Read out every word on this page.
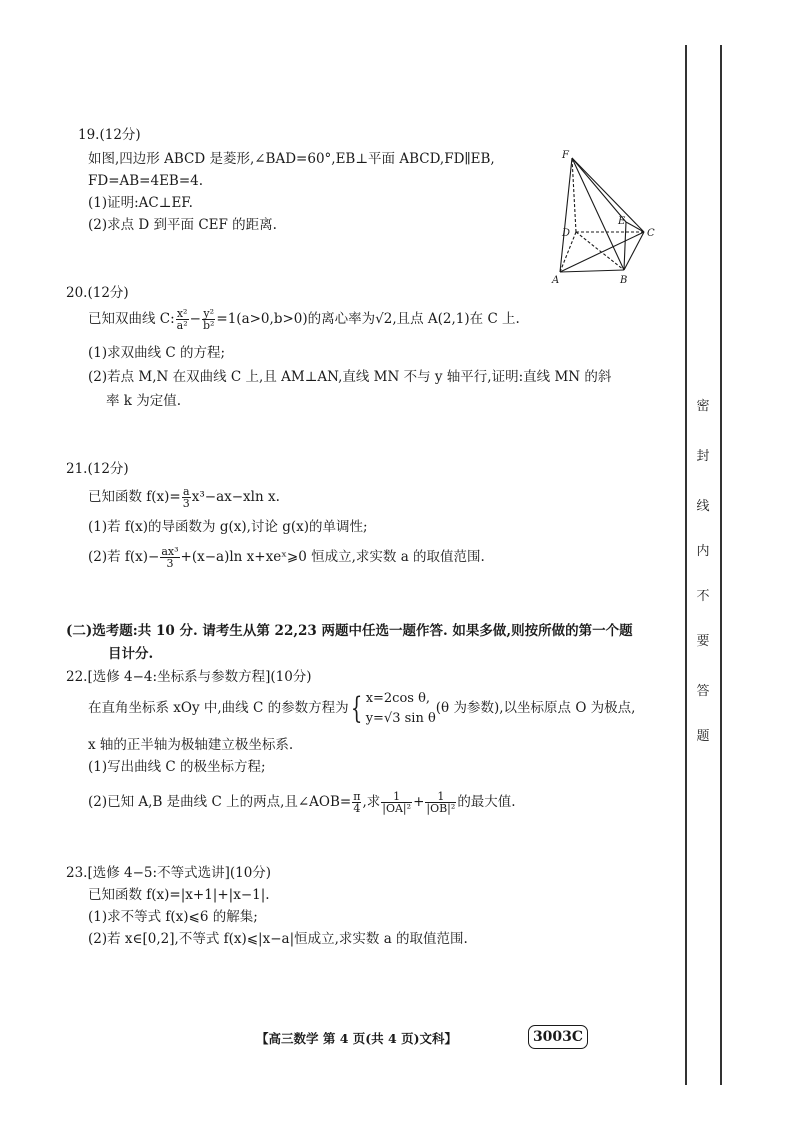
密
封
线
内
不
要
答
题
19.(12分)
如图,四边形 ABCD 是菱形,∠BAD=60°,EB⊥平面 ABCD,FD∥EB,
FD=AB=4EB=4.
(1)证明:AC⊥EF.
(2)求点 D 到平面 CEF 的距离.
F
D
E
C
A	B
20.(12分)
已知双曲线 C: $\frac{\text{x²}}{\text{a²}} - \frac{\text{y²}}{\text{b²}} =1(a>0,b>0)$的离心率为√2,且点 A(2,1)在 C 上.
(1)求双曲线 C 的方程;
(2)若点 M,N 在双曲线 C 上,且 AM⊥AN,直线 MN 不与 y 轴平行,证明:直线 MN 的斜
率 k 为定值.
21.(12分)
已知函数 $f(x)= \frac{a}{3} x^3-ax-xln$ x.
(1)若 f(x)的导函数为 g(x),讨论 g(x)的单调性;
(2)若 $f(x)- \frac{\text{ax³}}{3} +(x-a)\ln$ x+xeˣ⩾0 恒成立,求实数 a 的取值范围.
(二)选考题:共 10 分. 请考生从第 22,23 两题中任选一题作答. 如果多做,则按所做的第一个题
目计分.
22.[选修 4−4:坐标系与参数方程](10分)
在直角坐标系 xOy 中,曲线 C 的参数方程为{ x=2cos θ,
y=√3 sin θ
(θ 为参数),以坐标原点 O 为极点,
x 轴的正半轴为极轴建立极坐标系.
(1)写出曲线 C 的极坐标方程;
(2)已知 A,B 是曲线 C 上的两点,且∠AOB= $\frac{\pi}{4}$ ,求 $\frac{1}{\text{|OA|²}} + \frac{1}{\text{|OB|²}}$ 的最大值.
23.[选修 4−5:不等式选讲](10分)
已知函数 f(x)=|x+1|+|x−1|.
(1)求不等式 f(x)⩽6 的解集;
(2)若 x∈[0,2],不等式 f(x)⩽|x−a|恒成立,求实数 a 的取值范围.
【高三数学 第 4 页(共 4 页)文科】	3003C
